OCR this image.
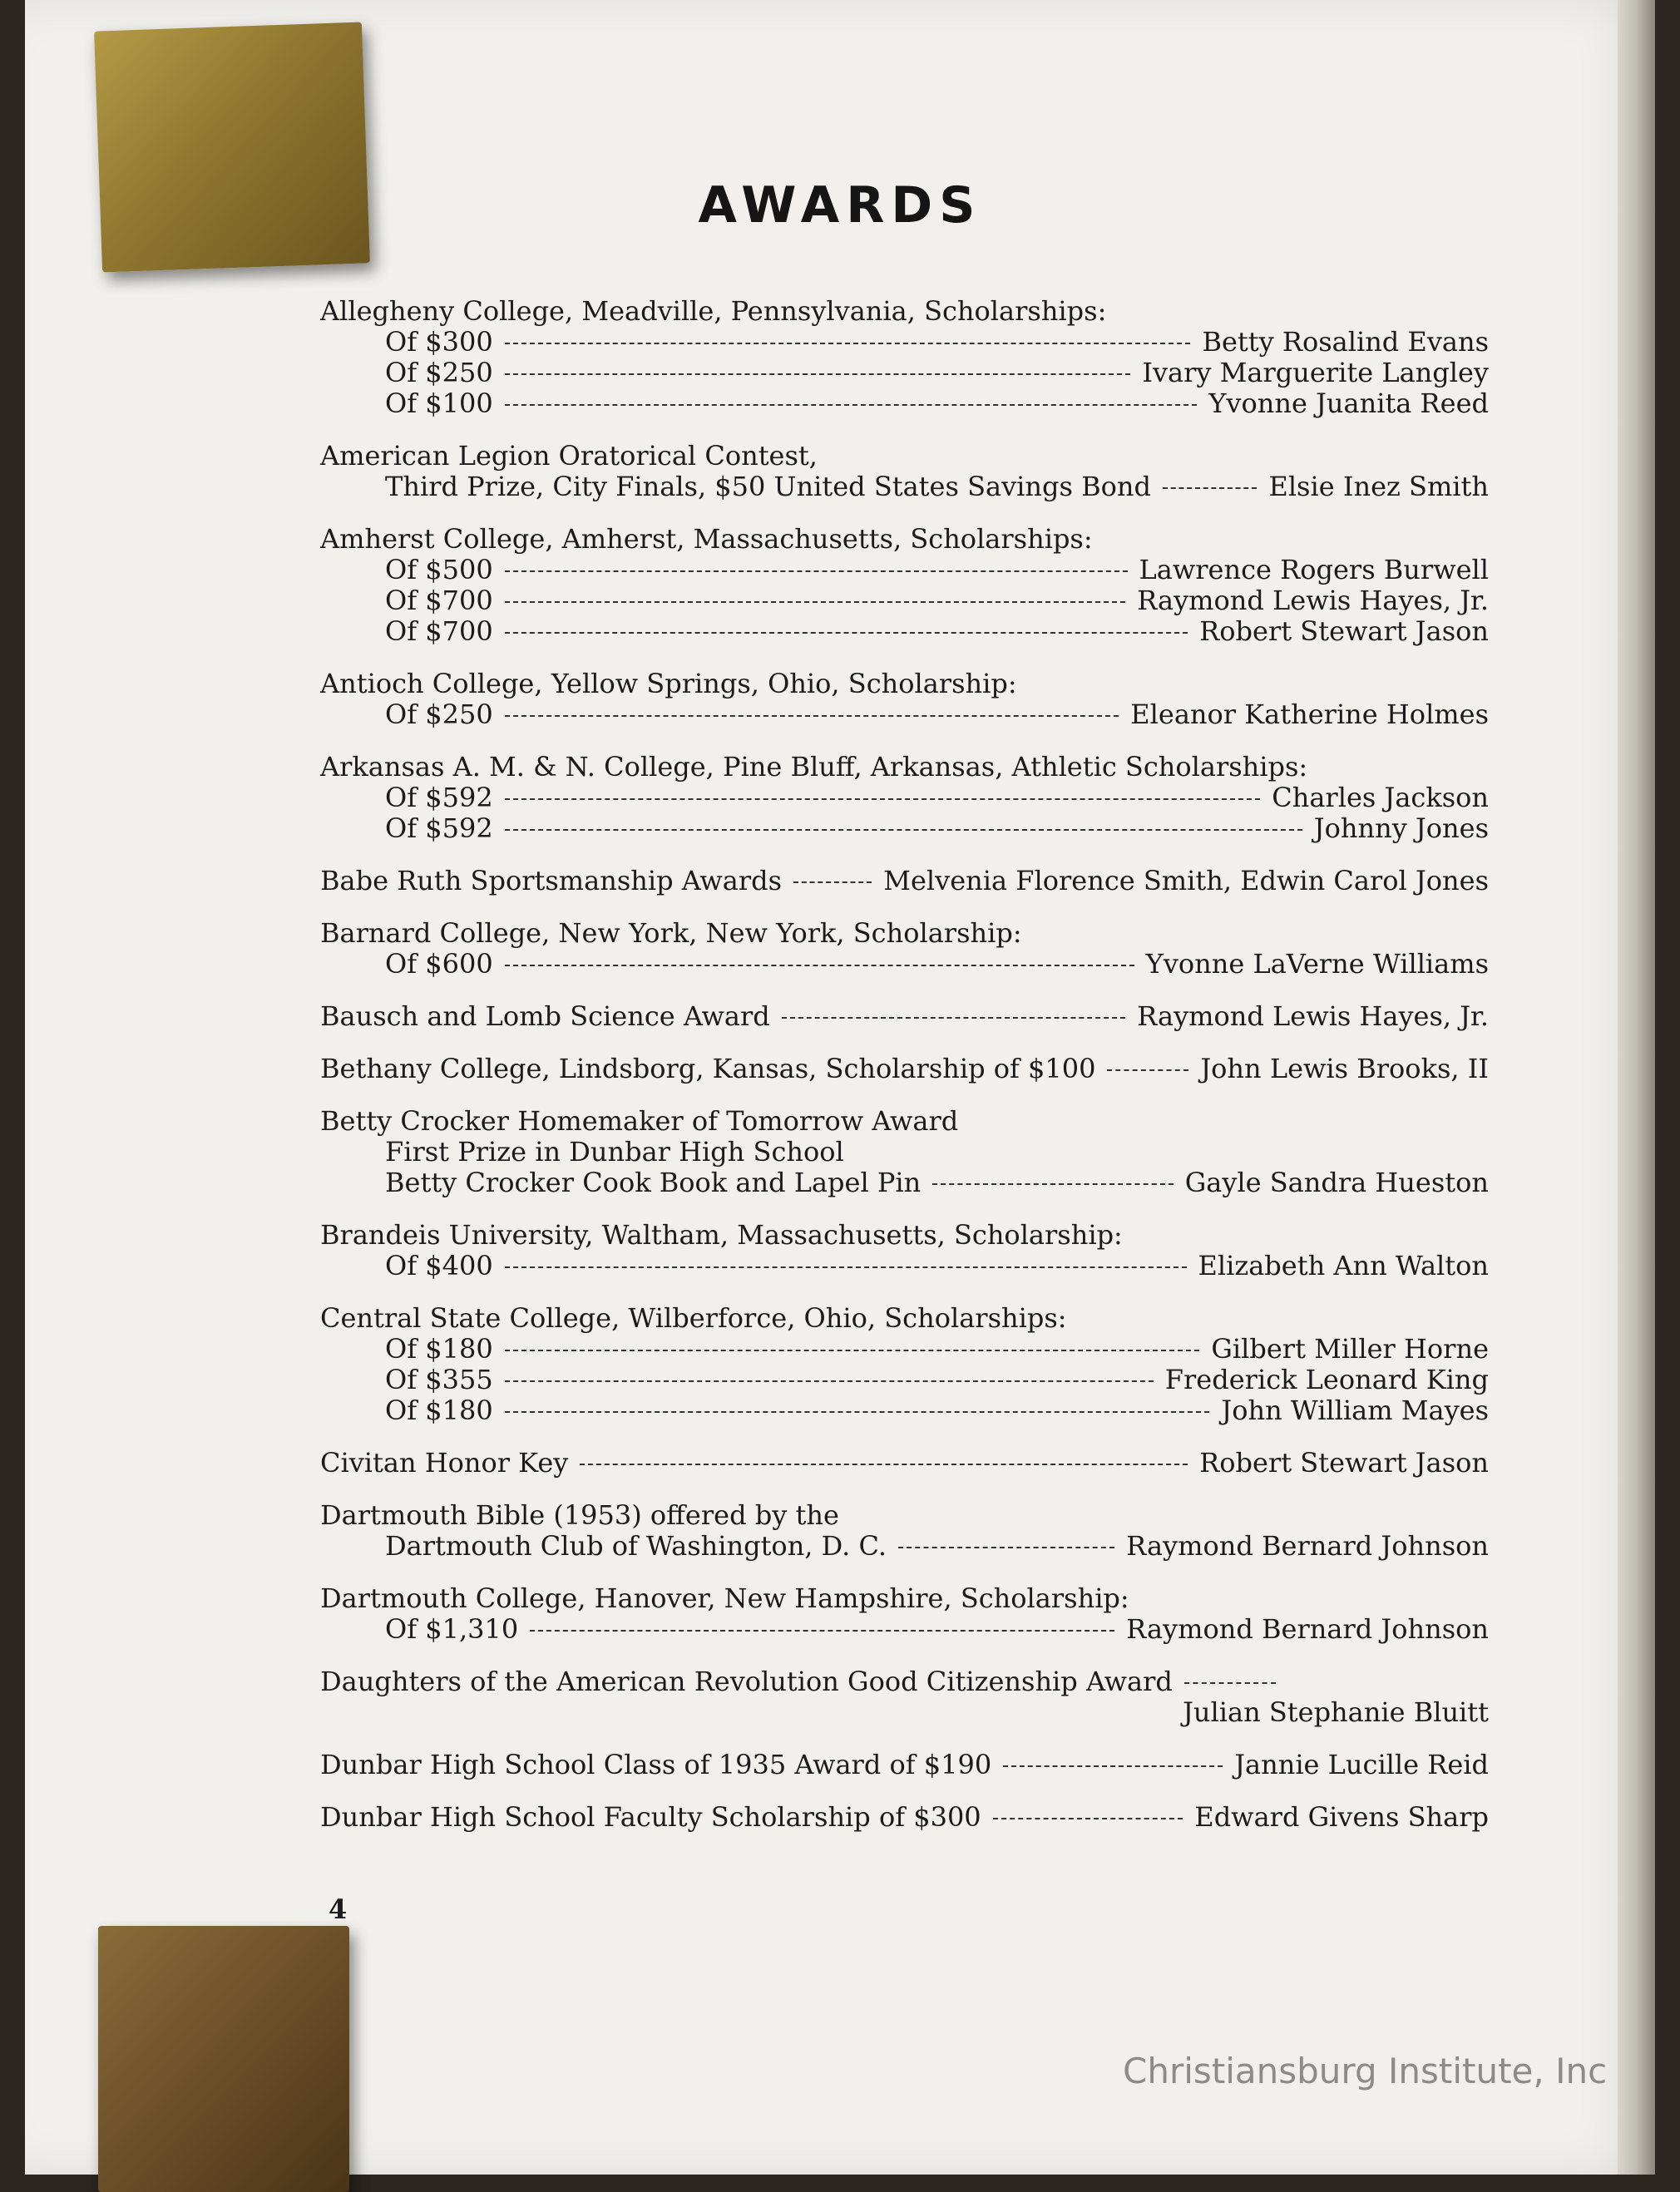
AWARDS
Allegheny College, Meadville, Pennsylvania, Scholarships:
Of $300	Betty Rosalind Evans
Of $250	Ivary Marguerite Langley
Of $100	Yvonne Juanita Reed
American Legion Oratorical Contest,
Third Prize, City Finals, $50 United States Savings Bond	Elsie Inez Smith
Amherst College, Amherst, Massachusetts, Scholarships:
Of $500	Lawrence Rogers Burwell
Of $700	Raymond Lewis Hayes, Jr.
Of $700	Robert Stewart Jason
Antioch College, Yellow Springs, Ohio, Scholarship:
Of $250	Eleanor Katherine Holmes
Arkansas A. M. & N. College, Pine Bluff, Arkansas, Athletic Scholarships:
Of $592	Charles Jackson
Of $592	Johnny Jones
Babe Ruth Sportsmanship Awards	Melvenia Florence Smith, Edwin Carol Jones
Barnard College, New York, New York, Scholarship:
Of $600	Yvonne LaVerne Williams
Bausch and Lomb Science Award	Raymond Lewis Hayes, Jr.
Bethany College, Lindsborg, Kansas, Scholarship of $100	John Lewis Brooks, II
Betty Crocker Homemaker of Tomorrow Award
First Prize in Dunbar High School
Betty Crocker Cook Book and Lapel Pin	Gayle Sandra Hueston
Brandeis University, Waltham, Massachusetts, Scholarship:
Of $400	Elizabeth Ann Walton
Central State College, Wilberforce, Ohio, Scholarships:
Of $180	Gilbert Miller Horne
Of $355	Frederick Leonard King
Of $180	John William Mayes
Civitan Honor Key	Robert Stewart Jason
Dartmouth Bible (1953) offered by the
Dartmouth Club of Washington, D. C.	Raymond Bernard Johnson
Dartmouth College, Hanover, New Hampshire, Scholarship:
Of $1,310	Raymond Bernard Johnson
Daughters of the American Revolution Good Citizenship Award
Julian Stephanie Bluitt
Dunbar High School Class of 1935 Award of $190	Jannie Lucille Reid
Dunbar High School Faculty Scholarship of $300	Edward Givens Sharp
4
Christiansburg Institute, Inc
